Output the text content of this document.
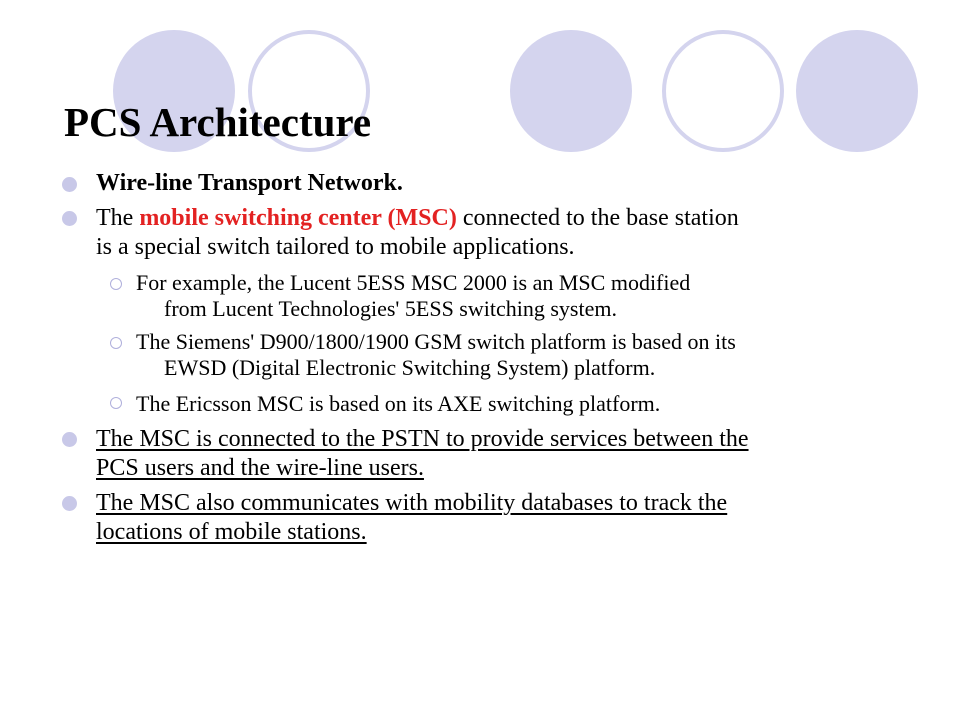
PCS Architecture
Wire-line Transport Network.
The mobile switching center (MSC) connected to the base station
is a special switch tailored to mobile applications.
For example, the Lucent 5ESS MSC 2000 is an MSC modified
from Lucent Technologies' 5ESS switching system.
The Siemens' D900/1800/1900 GSM switch platform is based on its
EWSD (Digital Electronic Switching System) platform.
The Ericsson MSC is based on its AXE switching platform.
The MSC is connected to the PSTN to provide services between the
PCS users and the wire-line users.
The MSC also communicates with mobility databases to track the
locations of mobile stations.
